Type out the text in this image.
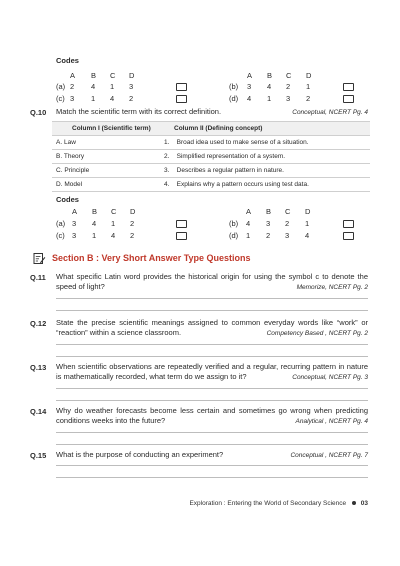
Codes
A B C D	A B C D
(a) 2 4 1 3
(c) 3 1 4 2
(b) 3 4 2 1
(d) 4 1 3 2
Q.10 Match the scientific term with its correct definition.	Conceptual, NCERT Pg. 4
Column I (Scientific term)	Column II (Defining concept)
A. Law	1. Broad idea used to make sense of a situation.
B. Theory	2. Simplified representation of a system.
C. Principle	3. Describes a regular pattern in nature.
D. Model	4. Explains why a pattern occurs using test data.
Codes
A B C D	A B C D
(a) 3 4 1 2
(c) 3 1 4 2
(b) 4 3 2 1
(d) 1 2 3 4
Section B : Very Short Answer Type Questions
Q.11 What specific Latin word provides the historical origin for using the symbol c to denote the speed of light?	Memorize, NCERT Pg. 2
Q.12 State the precise scientific meanings assigned to common everyday words like “work” or “reaction” within a science classroom.	Competency Based , NCERT Pg. 2
Q.13 When scientific observations are repeatedly verified and a regular, recurring pattern in nature is mathematically recorded, what term do we assign to it?	Conceptual, NCERT Pg. 3
Q.14 Why do weather forecasts become less certain and sometimes go wrong when predicting conditions weeks into the future?	Analytical , NCERT Pg. 4
Q.15 What is the purpose of conducting an experiment?	Conceptual , NCERT Pg. 7
Exploration : Entering the World of Secondary Science 03
